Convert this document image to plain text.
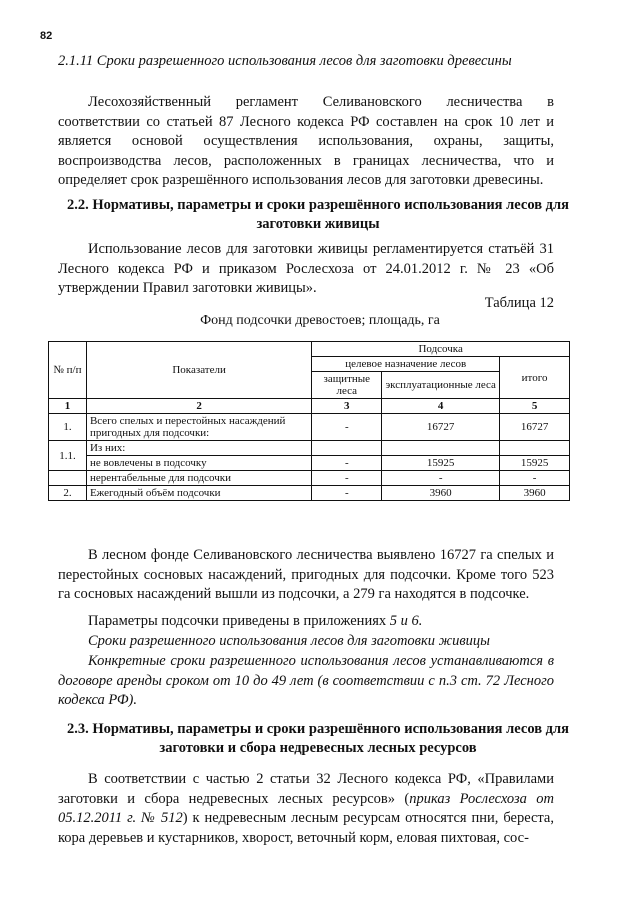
82
2.1.11 Сроки разрешенного использования лесов для заготовки древесины

Лесохозяйственный регламент Селивановского лесничества в соответствии со статьей 87 Лесного кодекса РФ составлен на срок 10 лет и является основой осуществления использования, охраны, защиты, воспроизводства лесов, расположенных в границах лесничества, что и определяет срок разрешённого использования лесов для заготовки древесины.

2.2. Нормативы, параметры и сроки разрешённого использования лесов для заготовки живицы

Использование лесов для заготовки живицы регламентируется статьёй 31 Лесного кодекса РФ и приказом Рослесхоза от 24.01.2012 г. № 23 «Об утверждении Правил заготовки живицы».

Таблица 12
Фонд подсочки древостоев; площадь, га
№ п/п	Показатели	Подсочка		
		целевое назначение лесов		итого
		защитные леса	эксплуатационные леса	
1	2	3	4	5
1.	Всего спелых и перестойных насаждений пригодных для подсочки:	-	16727	16727
1.1.	Из них:			
	не вовлечены в подсочку	-	15925	15925
	нерентабельные для подсочки	-	-	-
2.	Ежегодный объём подсочки	-	3960	3960

В лесном фонде Селивановского лесничества выявлено 16727 га спелых и перестойных сосновых насаждений, пригодных для подсочки. Кроме того 523 га сосновых насаждений вышли из подсочки, а 279 га находятся в подсочке.

Параметры подсочки приведены в приложениях 5 и 6.

Сроки разрешенного использования лесов для заготовки живицы

Конкретные сроки разрешенного использования лесов устанавливаются в договоре аренды сроком от 10 до 49 лет (в соответствии с п.3 ст. 72 Лесного кодекса РФ).

2.3. Нормативы, параметры и сроки разрешённого использования лесов для заготовки и сбора недревесных лесных ресурсов

В соответствии с частью 2 статьи 32 Лесного кодекса РФ, «Правилами заготовки и сбора недревесных лесных ресурсов» (приказ Рослесхоза от 05.12.2011 г. № 512) к недревесным лесным ресурсам относятся пни, береста, кора деревьев и кустарников, хворост, веточный корм, еловая пихтовая, сос-
